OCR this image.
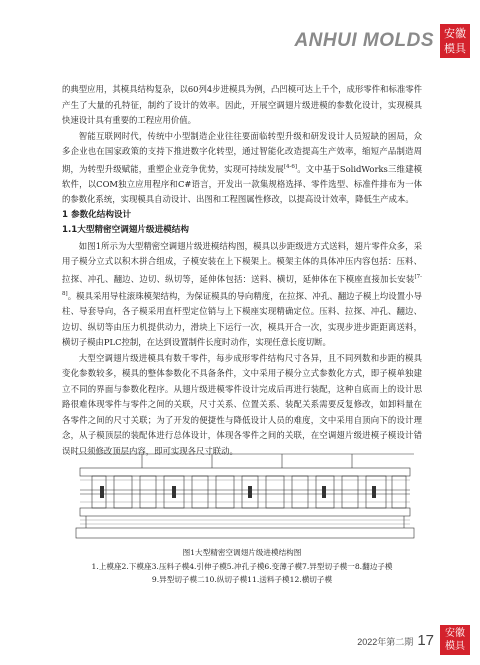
ANHUI MOLDS 安徽
模具

的典型应用，其模具结构复杂，以60列4步进模具为例，凸凹模可达上千个，成形零件和标准零件产生了大量的孔特征，制约了设计的效率。因此，开展空调翅片级进模的参数化设计，实现模具快速设计具有重要的工程应用价值。

智能互联网时代，传统中小型制造企业往往要面临转型升级和研发设计人员短缺的困局，众多企业也在国家政策的支持下推进数字化转型，通过智能化改造提高生产效率，缩短产品制造周期，为转型升级赋能，重塑企业竞争优势，实现可持续发展[4-6]。文中基于SolidWorks三维建模软件，以COM独立应用程序和C#语言，开发出一款集规格选择、零件选型、标准件排布为一体的参数化系统，实现模具自动设计、出图和工程图属性修改，以提高设计效率，降低生产成本。

1 参数化结构设计
1.1大型精密空调翅片级进模结构

如图1所示为大型精密空调翅片级进模结构图，模具以步距级进方式送料，翅片零件众多，采用子模分立式以积木拼合组成，子模安装在上下模架上。模架主体的具体冲压内容包括：压料、拉探、冲孔、翻边、边切、纵切等，延伸体包括：送料、横切，延伸体在下模座直接加长安装[7-8]。模具采用导柱滚珠模架结构，为保证模具的导向精度，在拉探、冲孔、翻边子模上均设置小导柱、导套导向，各子模采用直杆型定位销与上下模座实现精确定位。压料、拉探、冲孔、翻边、边切、纵切等由压力机提供动力，滑块上下运行一次，模具开合一次，实现步进步距距离送料，横切子模由PLC控制，在达到设置制件长度时动作，实现任意长度切断。

大型空调翅片级进模具有数千零件，每步成形零件结构尺寸各异，且不同列数和步距的模具变化参数较多，模具的整体参数化不具备条件，文中采用子模分立式参数化方式，即子模单独建立不同的界面与参数化程序。从翅片级进模零件设计完成后再进行装配，这种自底而上的设计思路很难体现零件与零件之间的关联，尺寸关系、位置关系、装配关系需要反复修改，如卸料量在各零件之间的尺寸关联；为了开发的便捷性与降低设计人员的难度，文中采用自顶向下的设计理念，从子模顶层的装配体进行总体设计，体现各零件之间的关联，在空调翅片级进模子模设计错误时只须修改顶层内容，即可实现各尺寸联动。

图1大型精密空调翅片级进模结构图
1.上模座2.下模座3.压料子模4.引伸子模5.冲孔子模6.变薄子模7.异型切子模一8.翻边子模
9.异型切子模二10.纵切子模11.送料子模12.横切子模
2022年第二期 17	安徽
模具
